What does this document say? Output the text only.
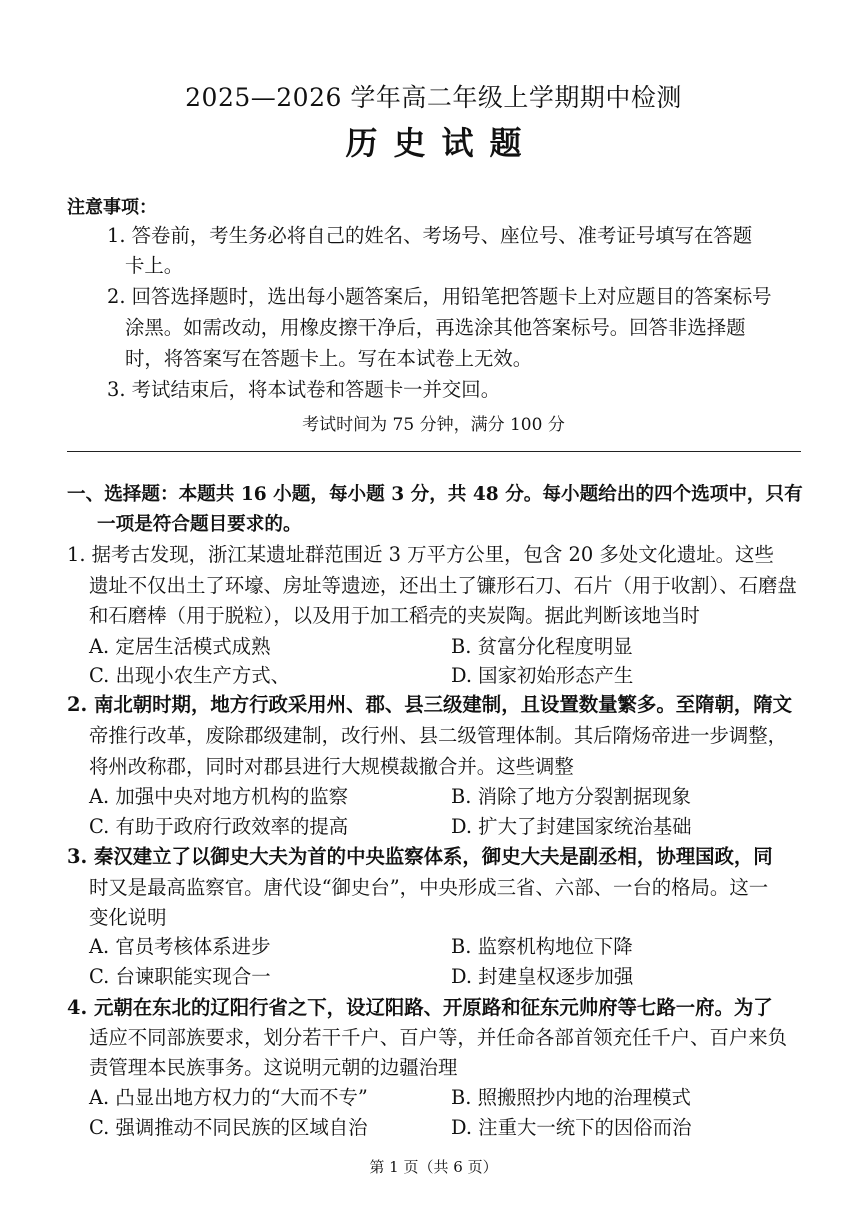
2025—2026 学年高二年级上学期期中检测
历史试题
注意事项：
1. 答卷前，考生务必将自己的姓名、考场号、座位号、准考证号填写在答题
卡上。
2. 回答选择题时，选出每小题答案后，用铅笔把答题卡上对应题目的答案标号
涂黑。如需改动，用橡皮擦干净后，再选涂其他答案标号。回答非选择题
时，将答案写在答题卡上。写在本试卷上无效。
3. 考试结束后，将本试卷和答题卡一并交回。
考试时间为 75 分钟，满分 100 分
一、选择题：本题共 16 小题，每小题 3 分，共 48 分。每小题给出的四个选项中，只有
一项是符合题目要求的。
1. 据考古发现，浙江某遗址群范围近 3 万平方公里，包含 20 多处文化遗址。这些
遗址不仅出土了环壕、房址等遗迹，还出土了镰形石刀、石片（用于收割）、石磨盘
和石磨棒（用于脱粒），以及用于加工稻壳的夹炭陶。据此判断该地当时
A. 定居生活模式成熟	B. 贫富分化程度明显
C. 出现小农生产方式、	D. 国家初始形态产生
2. 南北朝时期，地方行政采用州、郡、县三级建制，且设置数量繁多。至隋朝，隋文
帝推行改革，废除郡级建制，改行州、县二级管理体制。其后隋炀帝进一步调整，
将州改称郡，同时对郡县进行大规模裁撤合并。这些调整
A. 加强中央对地方机构的监察	B. 消除了地方分裂割据现象
C. 有助于政府行政效率的提高	D. 扩大了封建国家统治基础
3. 秦汉建立了以御史大夫为首的中央监察体系，御史大夫是副丞相，协理国政，同
时又是最高监察官。唐代设“御史台”，中央形成三省、六部、一台的格局。这一
变化说明
A. 官员考核体系进步	B. 监察机构地位下降
C. 台谏职能实现合一	D. 封建皇权逐步加强
4. 元朝在东北的辽阳行省之下，设辽阳路、开原路和征东元帅府等七路一府。为了
适应不同部族要求，划分若干千户、百户等，并任命各部首领充任千户、百户来负
责管理本民族事务。这说明元朝的边疆治理
A. 凸显出地方权力的“大而不专”	B. 照搬照抄内地的治理模式
C. 强调推动不同民族的区域自治	D. 注重大一统下的因俗而治
第 1 页（共 6 页）
